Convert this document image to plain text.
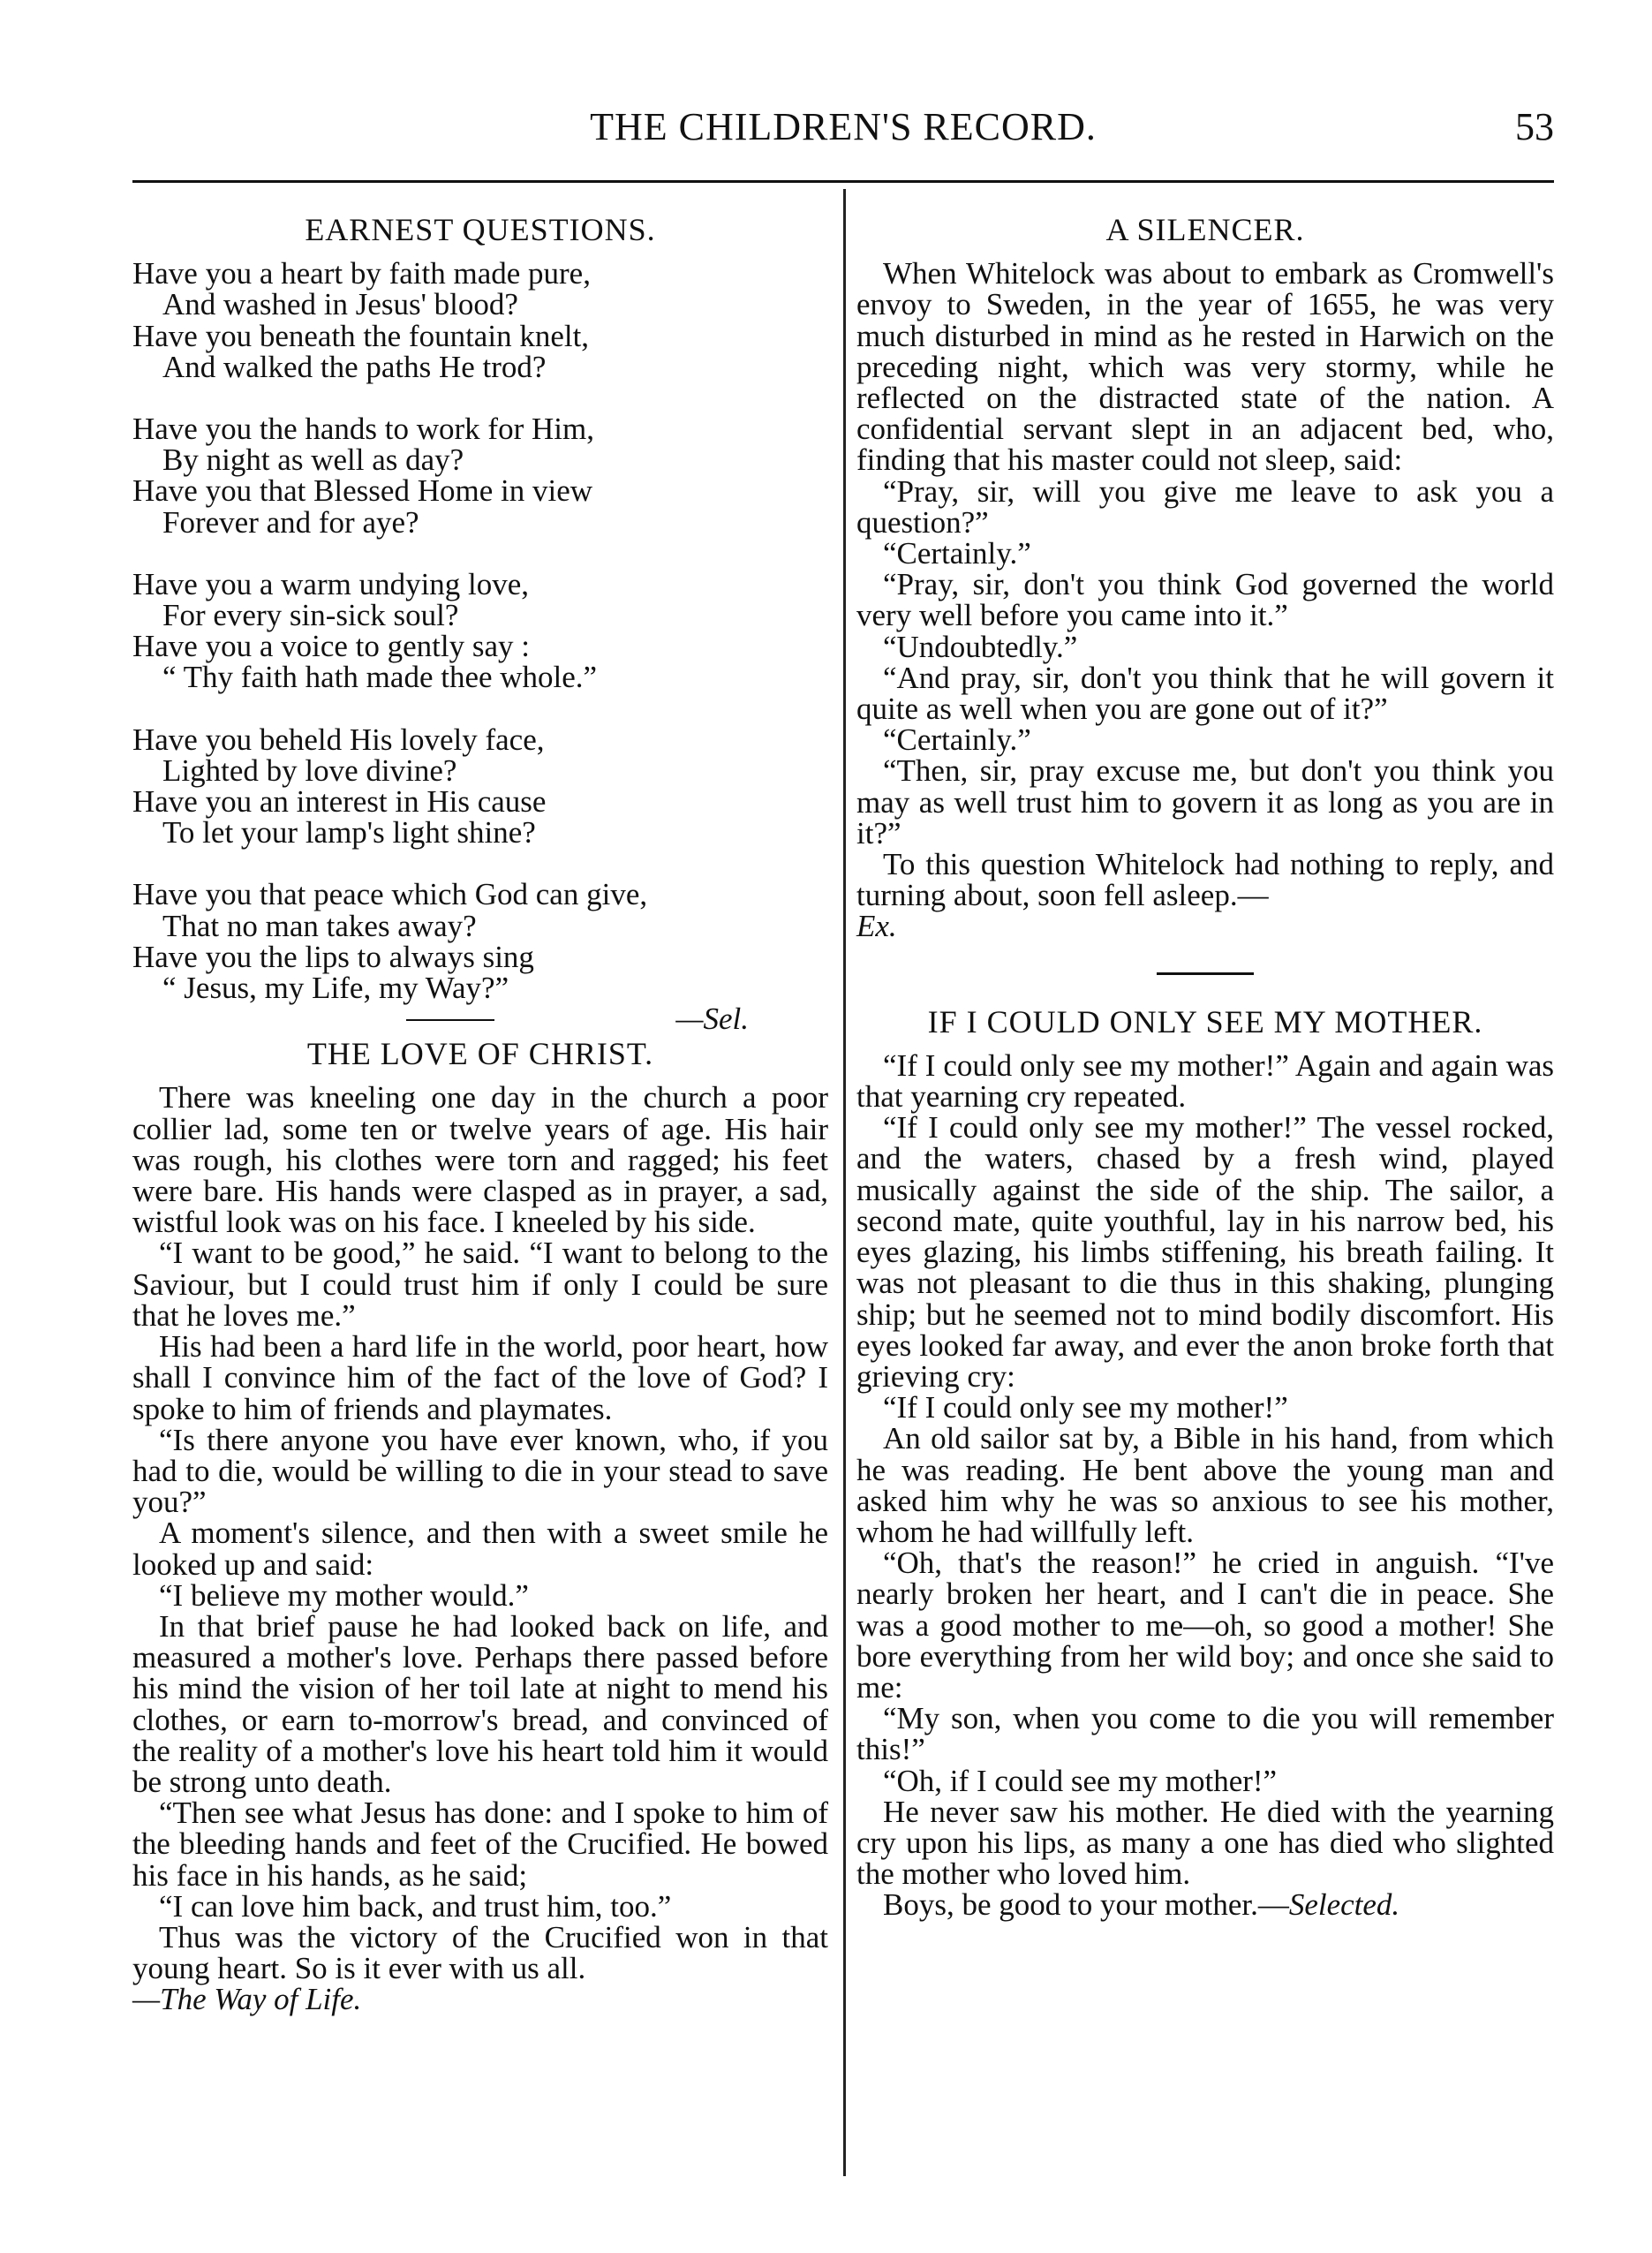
THE CHILDREN'S RECORD.	53
EARNEST QUESTIONS.
Have you a heart by faith made pure,
And washed in Jesus' blood?
Have you beneath the fountain knelt,
And walked the paths He trod?
Have you the hands to work for Him,
By night as well as day?
Have you that Blessed Home in view
Forever and for aye?
Have you a warm undying love,
For every sin-sick soul?
Have you a voice to gently say :
“ Thy faith hath made thee whole.”
Have you beheld His lovely face,
Lighted by love divine?
Have you an interest in His cause
To let your lamp's light shine?
Have you that peace which God can give,
That no man takes away?
Have you the lips to always sing
“ Jesus, my Life, my Way?”
—Sel.
THE LOVE OF CHRIST.

There was kneeling one day in the church a poor collier lad, some ten or twelve years of age. His hair was rough, his clothes were torn and ragged; his feet were bare. His hands were clasped as in prayer, a sad, wistful look was on his face. I kneeled by his side.

“I want to be good,” he said. “I want to belong to the Saviour, but I could trust him if only I could be sure that he loves me.”

His had been a hard life in the world, poor heart, how shall I convince him of the fact of the love of God? I spoke to him of friends and playmates.

“Is there anyone you have ever known, who, if you had to die, would be willing to die in your stead to save you?”

A moment's silence, and then with a sweet smile he looked up and said:

“I believe my mother would.”

In that brief pause he had looked back on life, and measured a mother's love. Perhaps there passed before his mind the vision of her toil late at night to mend his clothes, or earn to-morrow's bread, and convinced of the reality of a mother's love his heart told him it would be strong unto death.

“Then see what Jesus has done: and I spoke to him of the bleeding hands and feet of the Crucified. He bowed his face in his hands, as he said;

“I can love him back, and trust him, too.”

Thus was the victory of the Crucified won in that young heart. So is it ever with us all.

—The Way of Life.

A SILENCER.

When Whitelock was about to embark as Cromwell's envoy to Sweden, in the year of 1655, he was very much disturbed in mind as he rested in Harwich on the preceding night, which was very stormy, while he reflected on the distracted state of the nation. A confidential servant slept in an adjacent bed, who, finding that his master could not sleep, said:

“Pray, sir, will you give me leave to ask you a question?”

“Certainly.”

“Pray, sir, don't you think God governed the world very well before you came into it.”

“Undoubtedly.”

“And pray, sir, don't you think that he will govern it quite as well when you are gone out of it?”

“Certainly.”

“Then, sir, pray excuse me, but don't you think you may as well trust him to govern it as long as you are in it?”

To this question Whitelock had nothing to reply, and turning about, soon fell asleep.—

Ex.

IF I COULD ONLY SEE MY MOTHER.

“If I could only see my mother!” Again and again was that yearning cry repeated.

“If I could only see my mother!” The vessel rocked, and the waters, chased by a fresh wind, played musically against the side of the ship. The sailor, a second mate, quite youthful, lay in his narrow bed, his eyes glazing, his limbs stiffening, his breath failing. It was not pleasant to die thus in this shaking, plunging ship; but he seemed not to mind bodily discomfort. His eyes looked far away, and ever the anon broke forth that grieving cry:

“If I could only see my mother!”

An old sailor sat by, a Bible in his hand, from which he was reading. He bent above the young man and asked him why he was so anxious to see his mother, whom he had willfully left.

“Oh, that's the reason!” he cried in anguish. “I've nearly broken her heart, and I can't die in peace. She was a good mother to me—oh, so good a mother! She bore everything from her wild boy; and once she said to me:

“My son, when you come to die you will remember this!”

“Oh, if I could see my mother!”

He never saw his mother. He died with the yearning cry upon his lips, as many a one has died who slighted the mother who loved him.

Boys, be good to your mother.—Selected.
